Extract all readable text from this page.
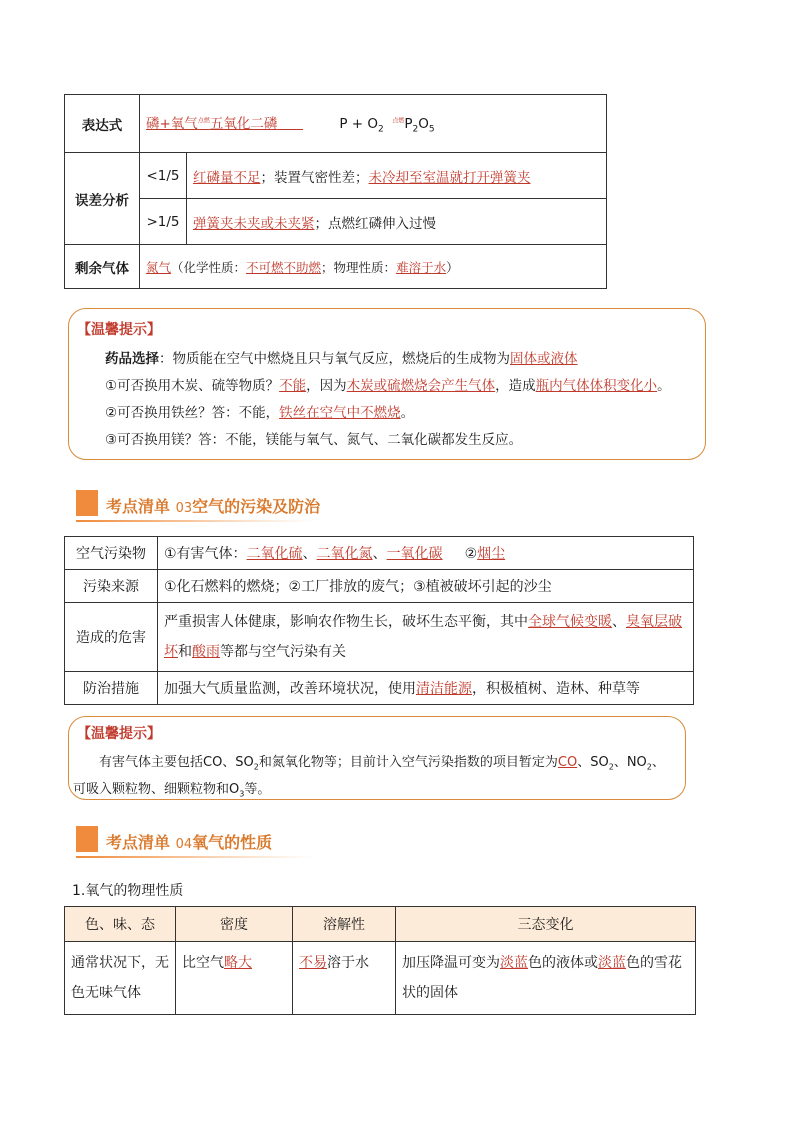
表达式	磷+氧气$^{点燃}$五氧化二磷 $P + O_2$  $^{点燃}P_2O_5$
误差分析	<1/5	红磷量不足；装置气密性差；未冷却至室温就打开弹簧夹
	>1/5	弹簧夹未夹或未夹紧；点燃红磷伸入过慢
剩余气体	氮气（化学性质：不可燃不助燃；物理性质：难溶于水）	
【温馨提示】
药品选择：物质能在空气中燃烧且只与氧气反应，燃烧后的生成物为固体或液体
①可否换用木炭、硫等物质？不能，因为木炭或硫燃烧会产生气体，造成瓶内气体体积变化小。
②可否换用铁丝？答：不能，铁丝在空气中不燃烧。
③可否换用镁？答：不能，镁能与氧气、氮气、二氧化碳都发生反应。
考点清单 03空气的污染及防治
空气污染物	①有害气体：二氧化硫、二氧化氮、一氧化碳 ②烟尘
污染来源	①化石燃料的燃烧；②工厂排放的废气；③植被破坏引起的沙尘
造成的危害	严重损害人体健康，影响农作物生长，破坏生态平衡，其中全球气候变暖、臭氧层破坏和酸雨等都与空气污染有关
防治措施	加强大气质量监测，改善环境状况，使用清洁能源，积极植树、造林、种草等
【温馨提示】
有害气体主要包括CO、$SO_2$和氮氧化物等；目前计入空气污染指数的项目暂定为CO、$SO_2$、$NO_2$、
可吸入颗粒物、细颗粒物和$O_3$等。
考点清单 04氧气的性质
1.氧气的物理性质
色、味、态	密度	溶解性	三态变化
通常状况下，无色无味气体	比空气略大	不易溶于水	加压降温可变为淡蓝色的液体或淡蓝色的雪花状的固体
